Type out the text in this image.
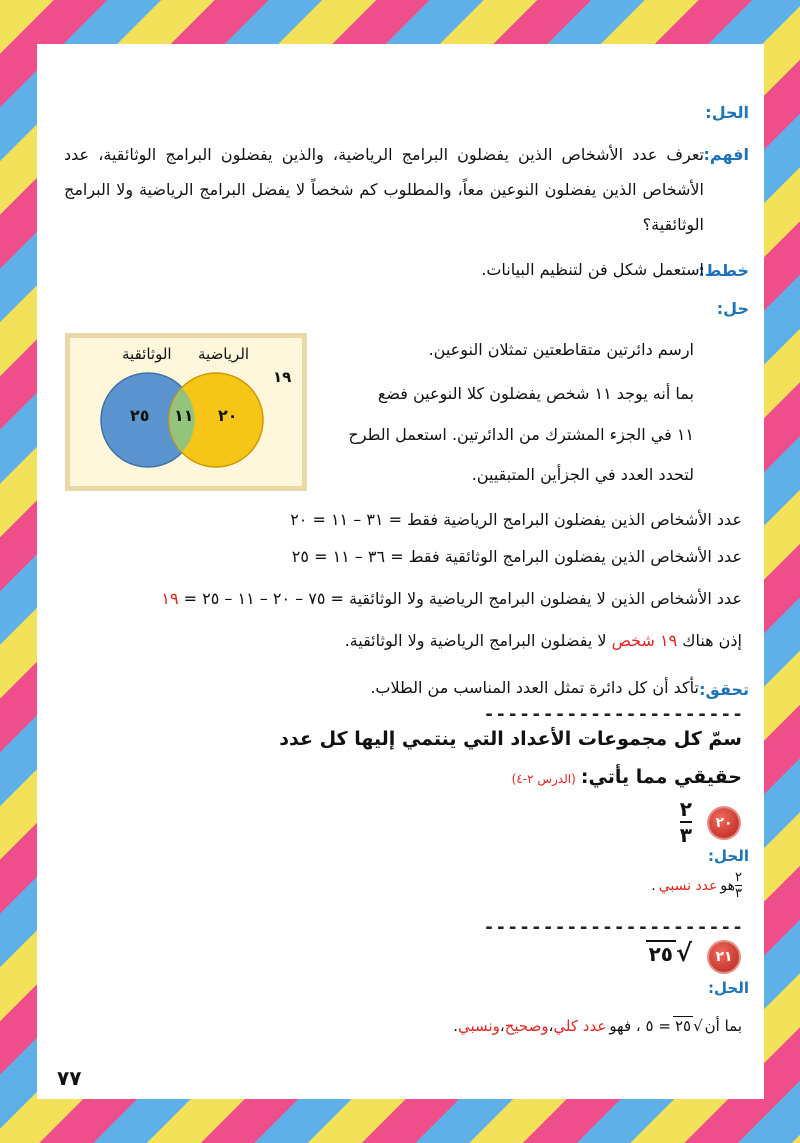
الحل:
افهم:
تعرف عدد الأشخاص الذين يفضلون البرامج الرياضية، والذين يفضلون البرامج الوثائقية، عدد الأشخاص الذين يفضلون النوعين معاً، والمطلوب كم شخصاً لا يفضل البرامج الرياضية ولا البرامج الوثائقية؟
خطط:
استعمل شكل فن لتنظيم البيانات.
حل:
الوثائقية الرياضية
٢٥ ١١ ٢٠
١٩
ارسم دائرتين متقاطعتين تمثلان النوعين.
بما أنه يوجد ١١ شخص يفضلون كلا النوعين فضع
١١ في الجزء المشترك من الدائرتين. استعمل الطرح
لتحدد العدد في الجزأين المتبقيين.
عدد الأشخاص الذين يفضلون البرامج الرياضية فقط = ٣١ – ١١ = ٢٠
عدد الأشخاص الذين يفضلون البرامج الوثائقية فقط = ٣٦ – ١١ = ٢٥
عدد الأشخاص الذين لا يفضلون البرامج الرياضية ولا الوثائقية = ٧٥ – ٢٠ – ١١ – ٢٥ = ١٩
إذن هناك ١٩ شخص لا يفضلون البرامج الرياضية ولا الوثائقية.
تحقق:
تأكد أن كل دائرة تمثل العدد المناسب من الطلاب.
----------------------
سمّ كل مجموعات الأعداد التي ينتمي إليها كل عدد
حقيقي مما يأتي: (الدرس ٢-٤)
٢٠
٢
٣
الحل:
$\frac{٢}{٣}$
هو
عدد نسبي
.
----------------------
٢١
٢٥ √
الحل:
بما أن
٢٥ √
= ٥ ، فهو
عدد كلي
،
وصحيح
،
ونسبي
.
٧٧
